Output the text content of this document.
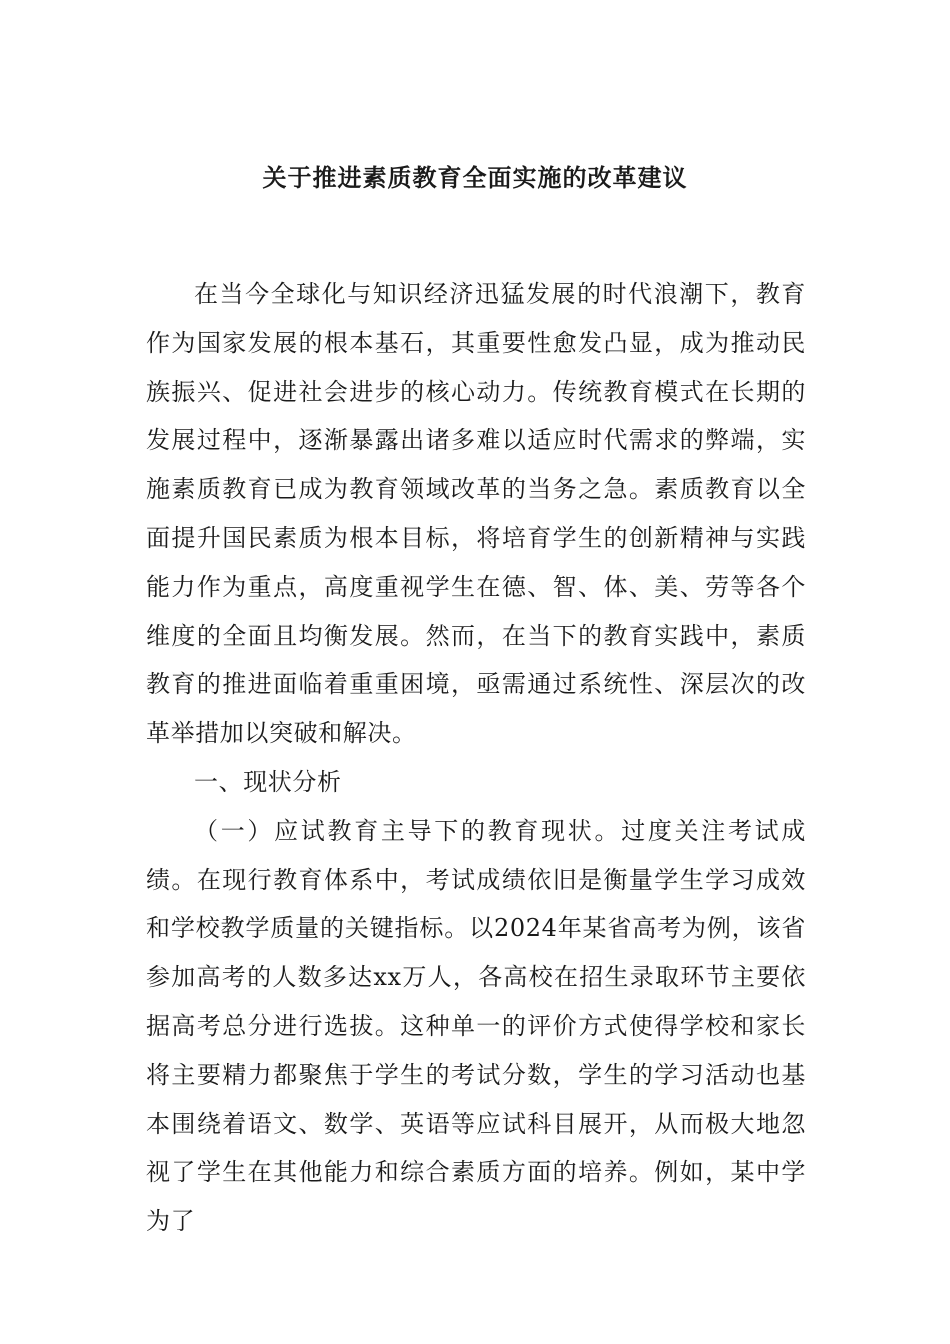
关于推进素质教育全面实施的改革建议

在当今全球化与知识经济迅猛发展的时代浪潮下，教育作为国家发展的根本基石，其重要性愈发凸显，成为推动民族振兴、促进社会进步的核心动力。传统教育模式在长期的发展过程中，逐渐暴露出诸多难以适应时代需求的弊端，实施素质教育已成为教育领域改革的当务之急。素质教育以全面提升国民素质为根本目标，将培育学生的创新精神与实践能力作为重点，高度重视学生在德、智、体、美、劳等各个维度的全面且均衡发展。然而，在当下的教育实践中，素质教育的推进面临着重重困境，亟需通过系统性、深层次的改革举措加以突破和解决。

一、现状分析

（一）应试教育主导下的教育现状。过度关注考试成绩。在现行教育体系中，考试成绩依旧是衡量学生学习成效和学校教学质量的关键指标。以2024年某省高考为例，该省参加高考的人数多达xx万人，各高校在招生录取环节主要依据高考总分进行选拔。这种单一的评价方式使得学校和家长将主要精力都聚焦于学生的考试分数，学生的学习活动也基本围绕着语文、数学、英语等应试科目展开，从而极大地忽视了学生在其他能力和综合素质方面的培养。例如，某中学为了
